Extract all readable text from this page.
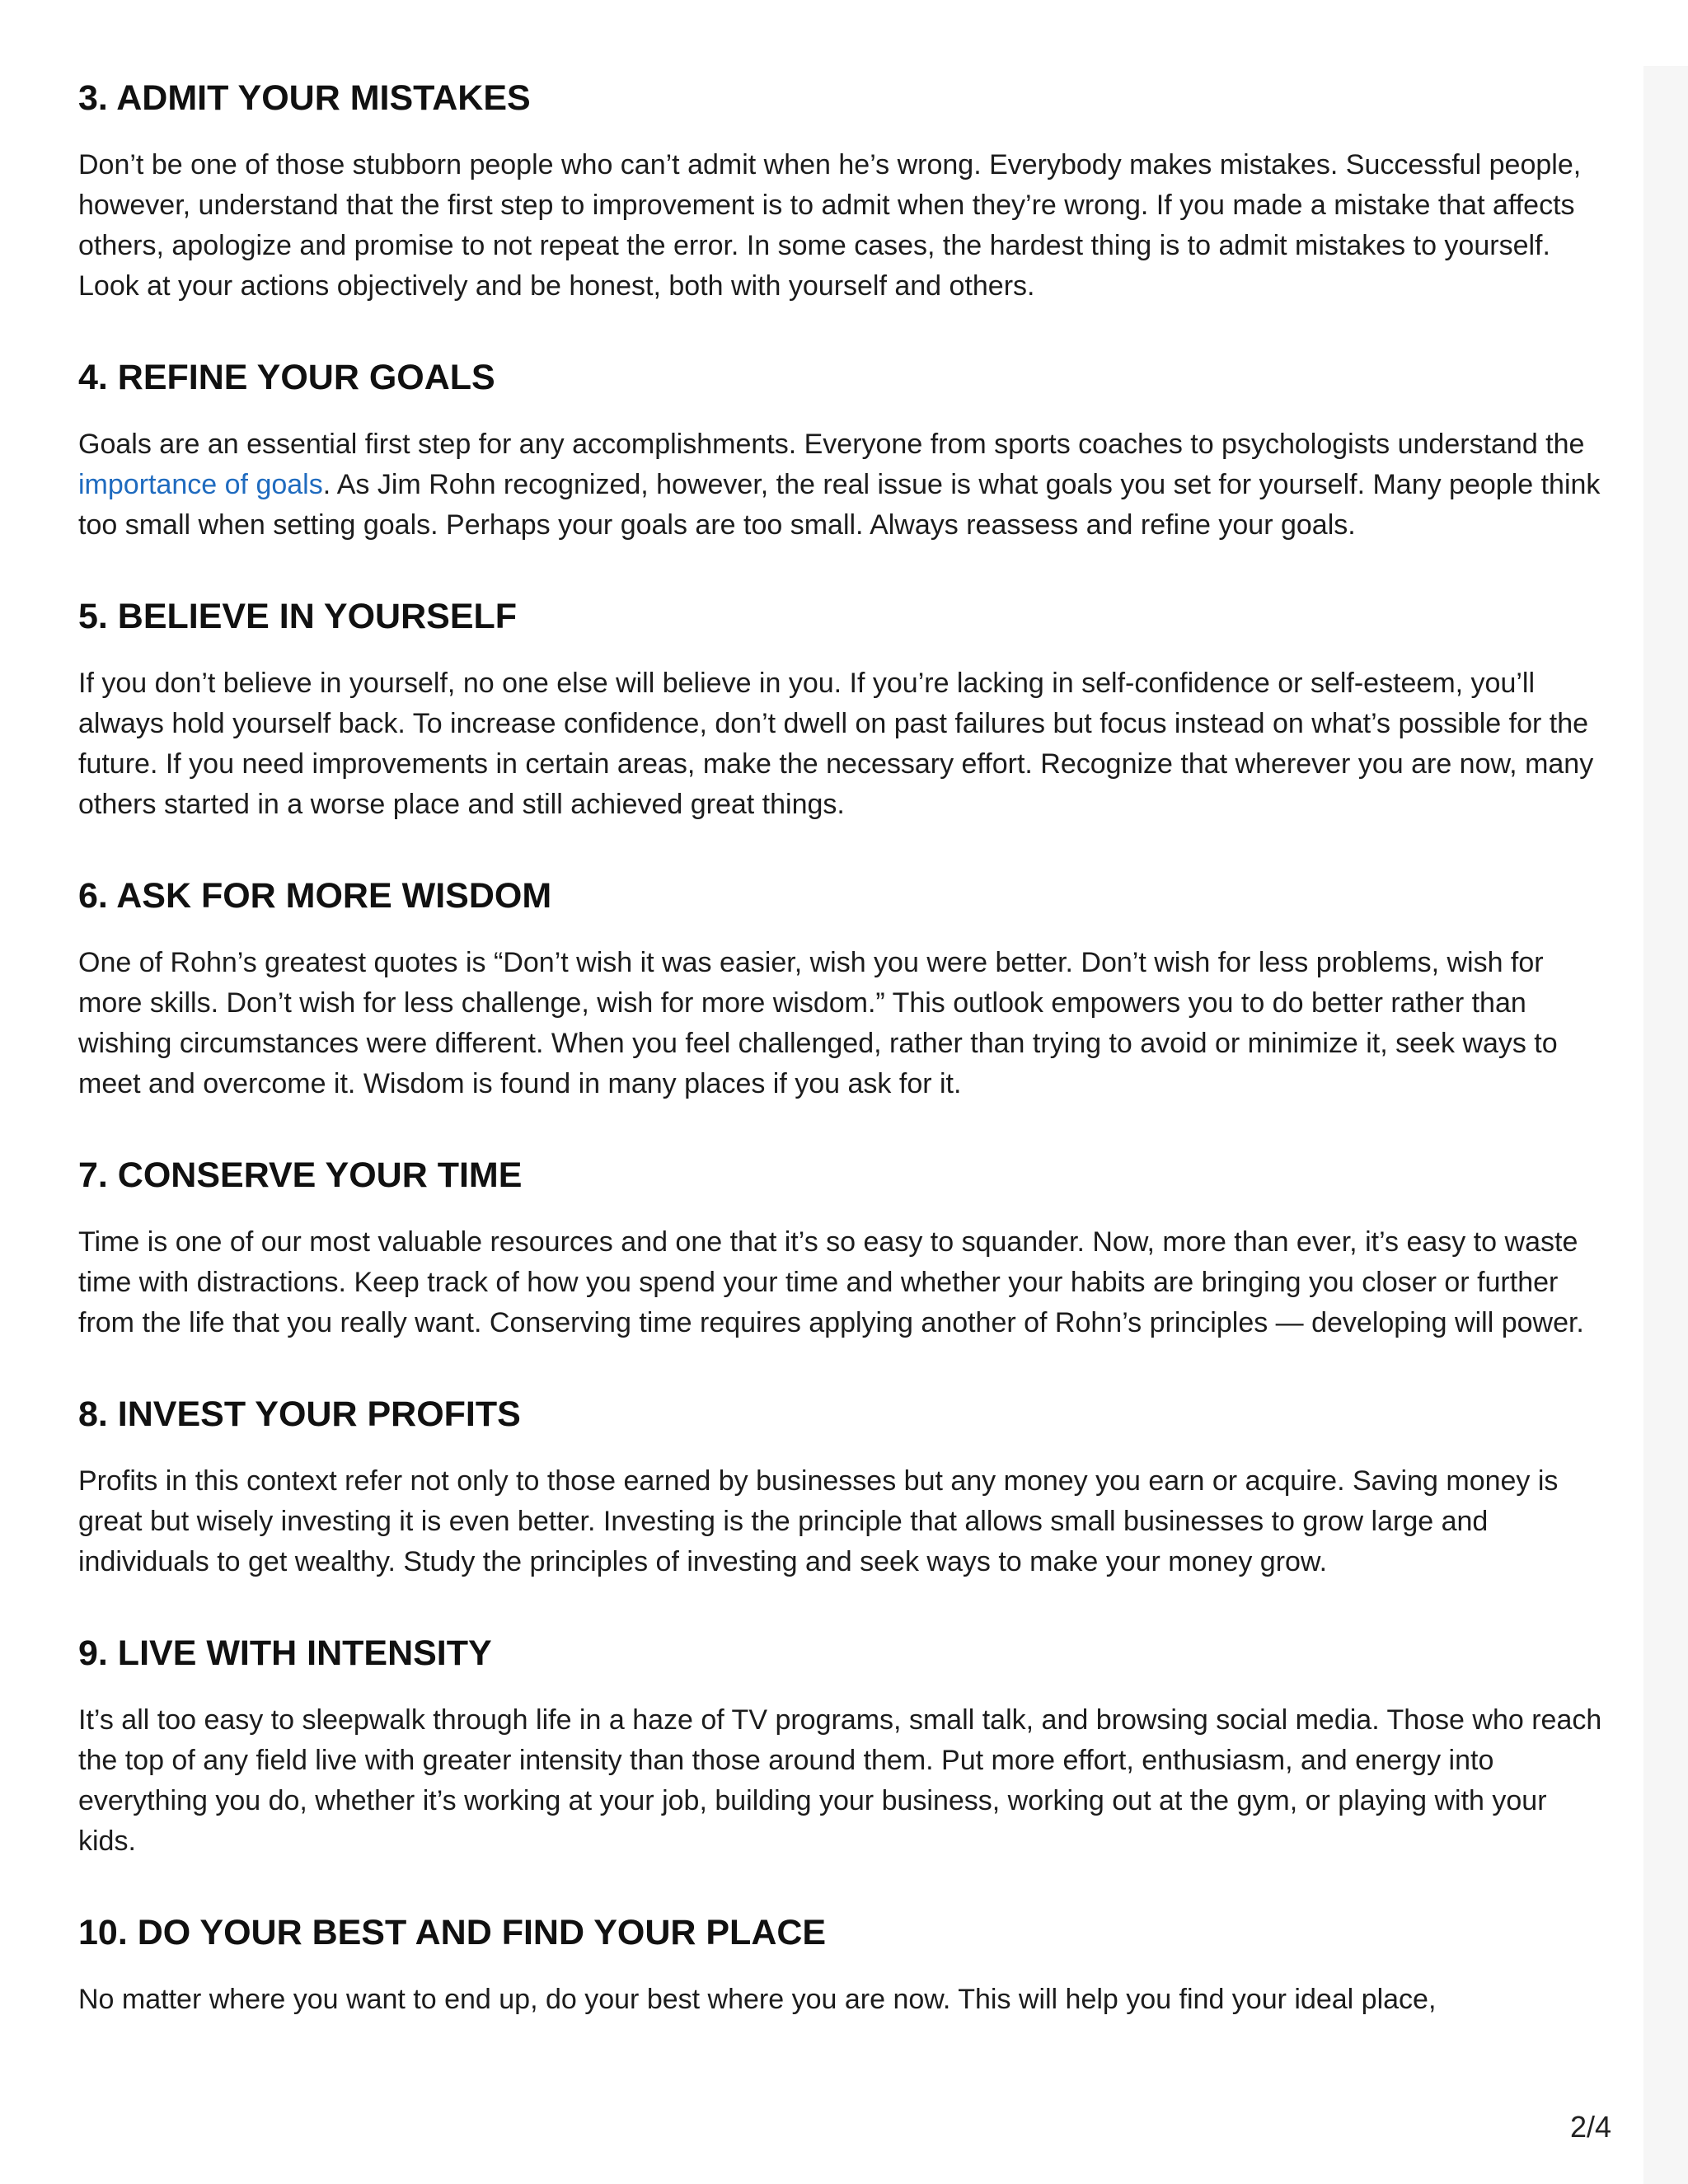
3. ADMIT YOUR MISTAKES

Don’t be one of those stubborn people who can’t admit when he’s wrong. Everybody makes mistakes. Successful people, however, understand that the first step to improvement is to admit when they’re wrong. If you made a mistake that affects others, apologize and promise to not repeat the error. In some cases, the hardest thing is to admit mistakes to yourself. Look at your actions objectively and be honest, both with yourself and others.

4. REFINE YOUR GOALS

Goals are an essential first step for any accomplishments. Everyone from sports coaches to psychologists understand the importance of goals. As Jim Rohn recognized, however, the real issue is what goals you set for yourself. Many people think too small when setting goals. Perhaps your goals are too small. Always reassess and refine your goals.

5. BELIEVE IN YOURSELF

If you don’t believe in yourself, no one else will believe in you. If you’re lacking in self-confidence or self-esteem, you’ll always hold yourself back. To increase confidence, don’t dwell on past failures but focus instead on what’s possible for the future. If you need improvements in certain areas, make the necessary effort. Recognize that wherever you are now, many others started in a worse place and still achieved great things.

6. ASK FOR MORE WISDOM

One of Rohn’s greatest quotes is “Don’t wish it was easier, wish you were better. Don’t wish for less problems, wish for more skills. Don’t wish for less challenge, wish for more wisdom.” This outlook empowers you to do better rather than wishing circumstances were different. When you feel challenged, rather than trying to avoid or minimize it, seek ways to meet and overcome it. Wisdom is found in many places if you ask for it.

7. CONSERVE YOUR TIME

Time is one of our most valuable resources and one that it’s so easy to squander. Now, more than ever, it’s easy to waste time with distractions. Keep track of how you spend your time and whether your habits are bringing you closer or further from the life that you really want. Conserving time requires applying another of Rohn’s principles — developing will power.

8. INVEST YOUR PROFITS

Profits in this context refer not only to those earned by businesses but any money you earn or acquire. Saving money is great but wisely investing it is even better. Investing is the principle that allows small businesses to grow large and individuals to get wealthy. Study the principles of investing and seek ways to make your money grow.

9. LIVE WITH INTENSITY

It’s all too easy to sleepwalk through life in a haze of TV programs, small talk, and browsing social media. Those who reach the top of any field live with greater intensity than those around them. Put more effort, enthusiasm, and energy into everything you do, whether it’s working at your job, building your business, working out at the gym, or playing with your kids.

10. DO YOUR BEST AND FIND YOUR PLACE

No matter where you want to end up, do your best where you are now. This will help you find your ideal place,

2/4
